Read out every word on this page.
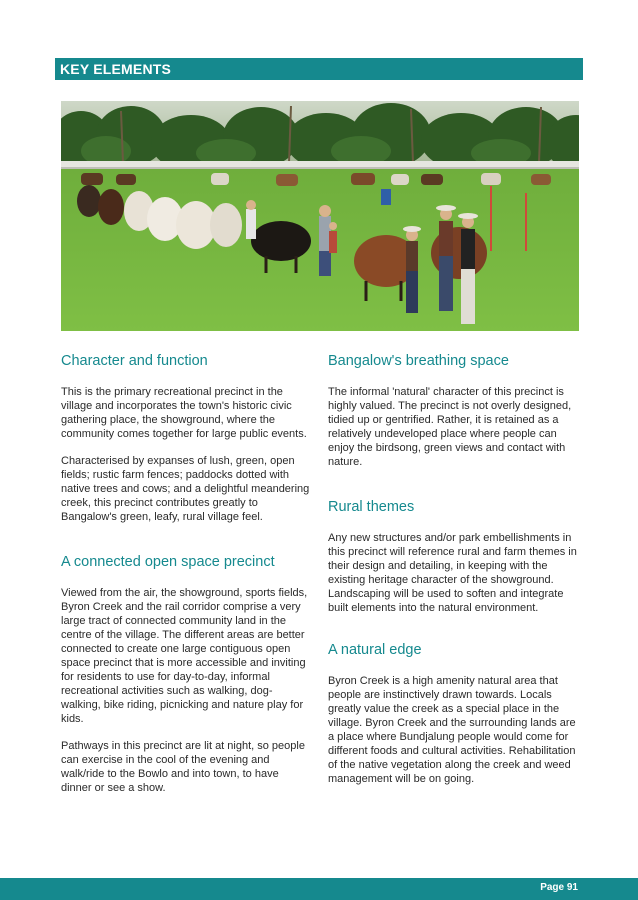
KEY ELEMENTS
Character and function

This is the primary recreational precinct in the village and incorporates the town's historic civic gathering place, the showground, where the community comes together for large public events.

Characterised by expanses of lush, green, open fields; rustic farm fences; paddocks dotted with native trees and cows; and a delightful meandering creek, this precinct contributes greatly to Bangalow's green, leafy, rural village feel.

A connected open space precinct

Viewed from the air, the showground, sports fields, Byron Creek and the rail corridor comprise a very large tract of connected community land in the centre of the village. The different areas are better connected to create one large contiguous open space precinct that is more accessible and inviting for residents to use for day-to-day, informal recreational activities such as walking, dog-walking, bike riding, picnicking and nature play for kids.

Pathways in this precinct are lit at night, so people can exercise in the cool of the evening and walk/ride to the Bowlo and into town, to have dinner or see a show.

Bangalow's breathing space

The informal 'natural' character of this precinct is highly valued. The precinct is not overly designed, tidied up or gentrified. Rather, it is retained as a relatively undeveloped place where people can enjoy the birdsong, green views and contact with nature.

Rural themes

Any new structures and/or park embellishments in this precinct will reference rural and farm themes in their design and detailing, in keeping with the existing heritage character of the showground. Landscaping will be used to soften and integrate built elements into the natural environment.

A natural edge

Byron Creek is a high amenity natural area that people are instinctively drawn towards. Locals greatly value the creek as a special place in the village. Byron Creek and the surrounding lands are a place where Bundjalung people would come for different foods and cultural activities. Rehabilitation of the native vegetation along the creek and weed management will be on going.

Page 91
